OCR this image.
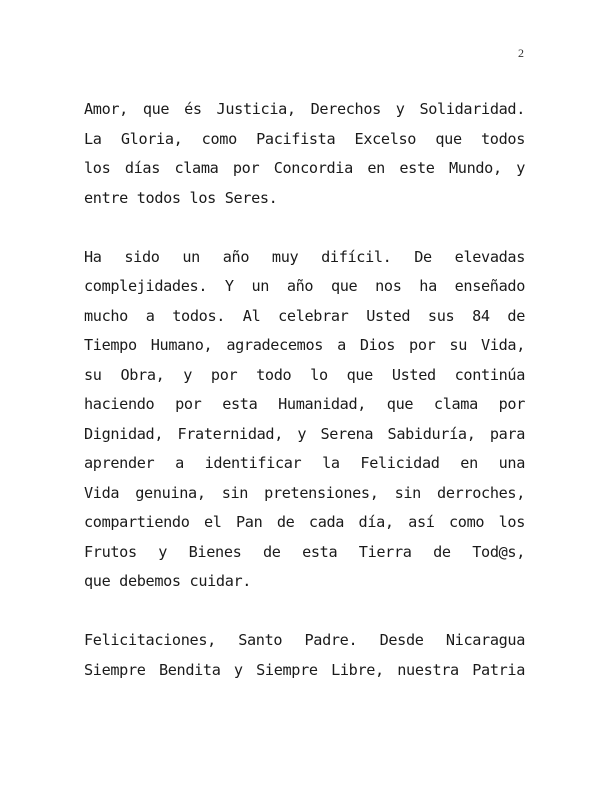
2
Amor, que és Justicia, Derechos y Solidaridad.
La Gloria, como Pacifista Excelso que todos
los días clama por Concordia en este Mundo, y
entre todos los Seres.
Ha sido un año muy difícil. De elevadas
complejidades. Y un año que nos ha enseñado
mucho a todos. Al celebrar Usted sus 84 de
Tiempo Humano, agradecemos a Dios por su Vida,
su Obra, y por todo lo que Usted continúa
haciendo por esta Humanidad, que clama por
Dignidad, Fraternidad, y Serena Sabiduría, para
aprender a identificar la Felicidad en una
Vida genuina, sin pretensiones, sin derroches,
compartiendo el Pan de cada día, así como los
Frutos y Bienes de esta Tierra de Tod@s,
que debemos cuidar.
Felicitaciones, Santo Padre. Desde Nicaragua
Siempre Bendita y Siempre Libre, nuestra Patria
